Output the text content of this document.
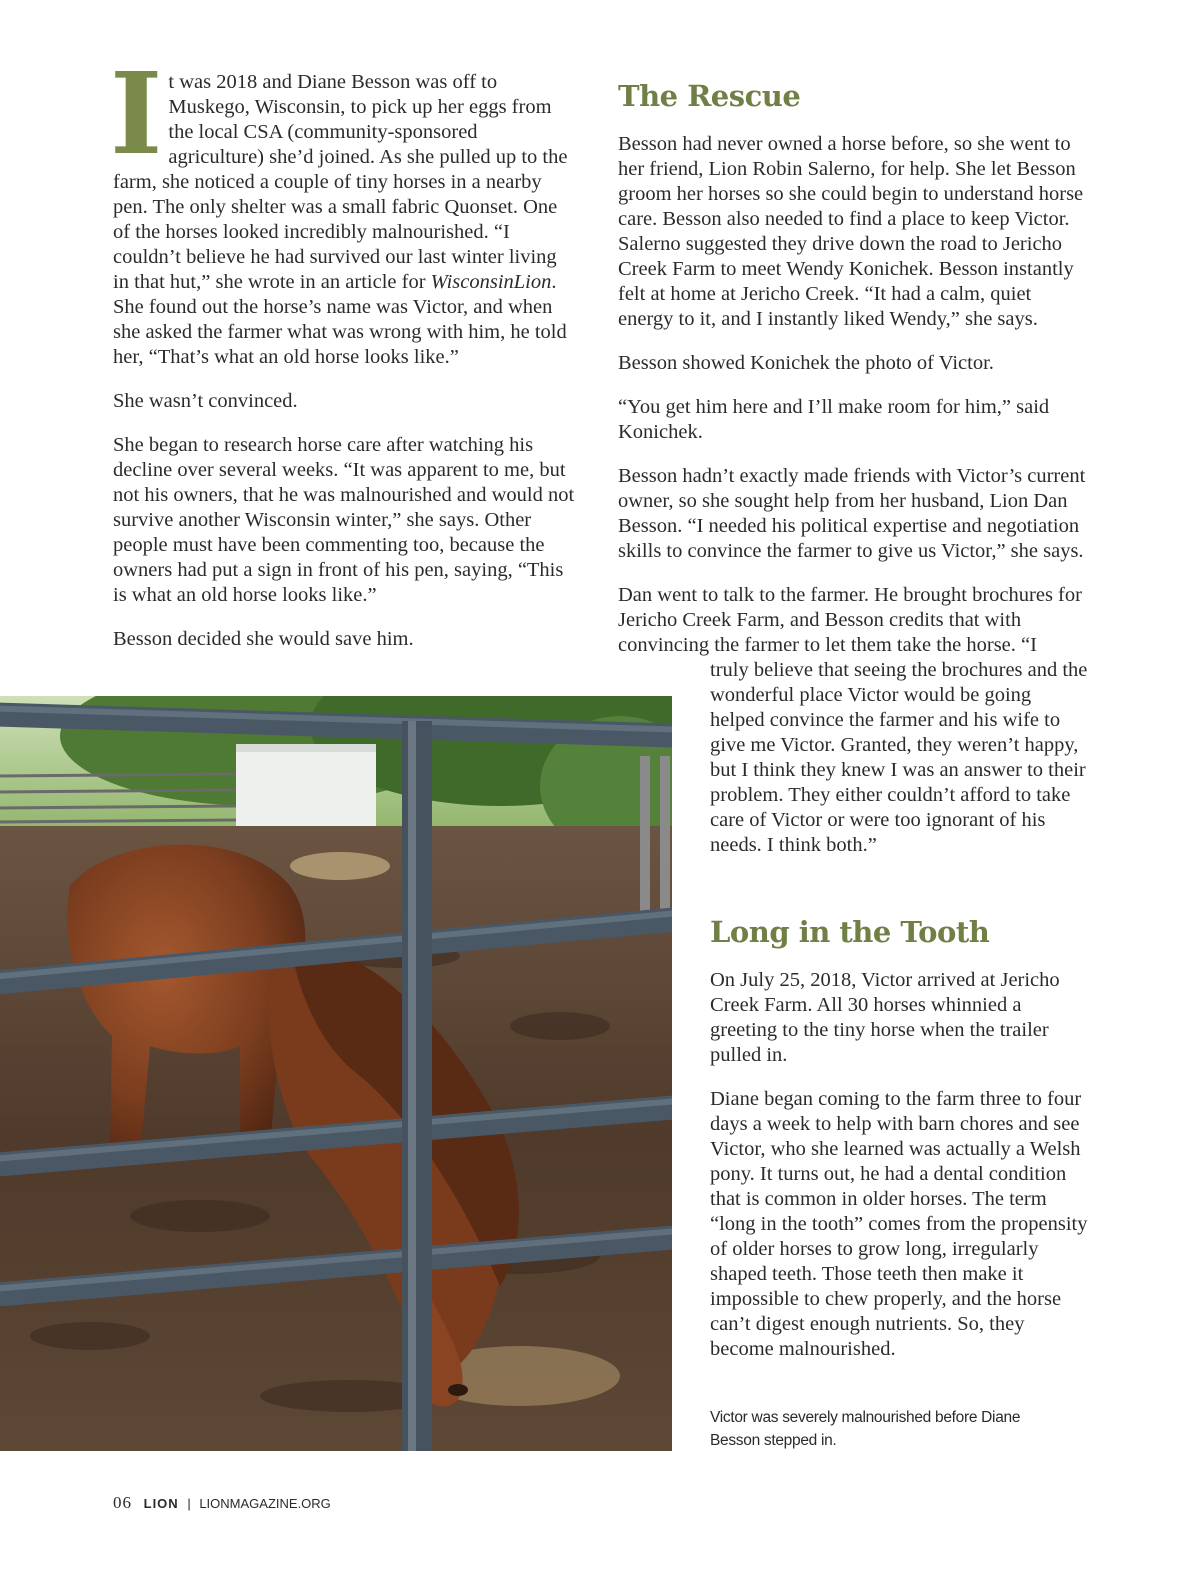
It was 2018 and Diane Besson was off to Muskego, Wisconsin, to pick up her eggs from the local CSA (community-sponsored agriculture) she’d joined. As she pulled up to the farm, she noticed a couple of tiny horses in a nearby pen. The only shelter was a small fabric Quonset. One of the horses looked incredibly malnourished. “I couldn’t believe he had survived our last winter living in that hut,” she wrote in an article for WisconsinLion. She found out the horse’s name was Victor, and when she asked the farmer what was wrong with him, he told her, “That’s what an old horse looks like.”

She wasn’t convinced.

She began to research horse care after watching his decline over several weeks. “It was apparent to me, but not his owners, that he was malnourished and would not survive another Wisconsin winter,” she says. Other people must have been commenting too, because the owners had put a sign in front of his pen, saying, “This is what an old horse looks like.”

Besson decided she would save him.

The Rescue

Besson had never owned a horse before, so she went to her friend, Lion Robin Salerno, for help. She let Besson groom her horses so she could begin to understand horse care. Besson also needed to find a place to keep Victor. Salerno suggested they drive down the road to Jericho Creek Farm to meet Wendy Konichek. Besson instantly felt at home at Jericho Creek. “It had a calm, quiet energy to it, and I instantly liked Wendy,” she says.

Besson showed Konichek the photo of Victor.

“You get him here and I’ll make room for him,” said Konichek.

Besson hadn’t exactly made friends with Victor’s current owner, so she sought help from her husband, Lion Dan Besson. “I needed his political expertise and negotiation skills to convince the farmer to give us Victor,” she says.

Dan went to talk to the farmer. He brought brochures for Jericho Creek Farm, and Besson credits that with convincing the farmer to let them take the horse. “I

truly believe that seeing the brochures and the wonderful place Victor would be going helped convince the farmer and his wife to give me Victor. Granted, they weren’t happy, but I think they knew I was an answer to their problem. They either couldn’t afford to take care of Victor or were too ignorant of his needs. I think both.”

Long in the Tooth

On July 25, 2018, Victor arrived at Jericho Creek Farm. All 30 horses whinnied a greeting to the tiny horse when the trailer pulled in.

Diane began coming to the farm three to four days a week to help with barn chores and see Victor, who she learned was actually a Welsh pony. It turns out, he had a dental condition that is common in older horses. The term “long in the tooth” comes from the propensity of older horses to grow long, irregularly shaped teeth. Those teeth then make it impossible to chew properly, and the horse can’t digest enough nutrients. So, they become malnourished.

Victor was severely malnourished before Diane Besson stepped in.
06 LION | LIONMAGAZINE.ORG
